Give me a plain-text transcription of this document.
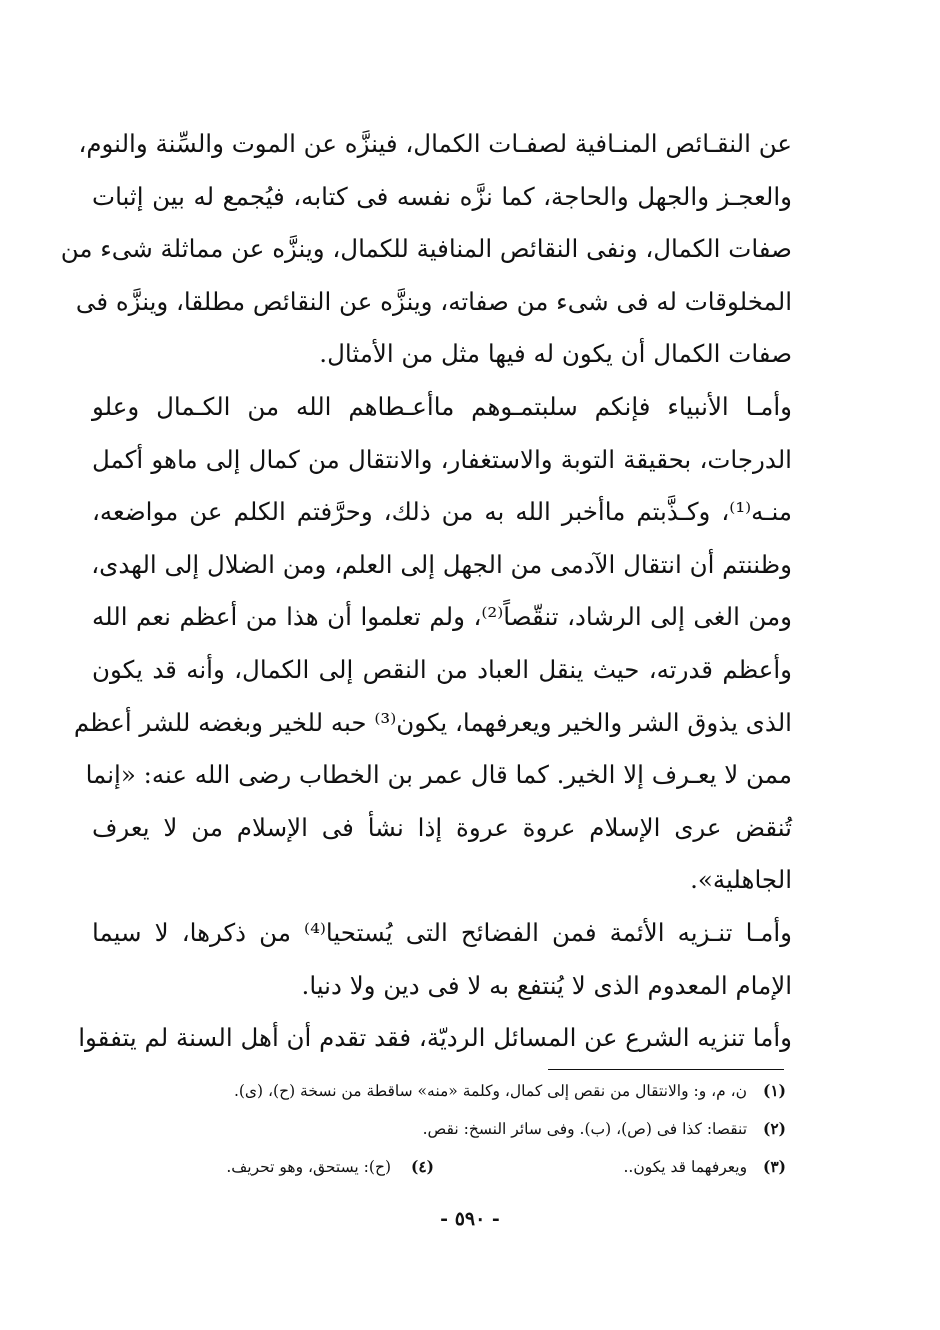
عن النقـائص المنـافية لصفـات الكمال، فينزَّه عن الموت والسِّنة والنوم،
والعجـز والجهل والحاجة، كما نزَّه نفسه فى كتابه، فيُجمع له بين إثبات
صفات الكمال، ونفى النقائص المنافية للكمال، وينزَّه عن مماثلة شىء من
المخلوقات له فى شىء من صفاته، وينزَّه عن النقائص مطلقا، وينزَّه فى
صفات الكمال أن يكون له فيها مثل من الأمثال.
وأمـا الأنبياء فإنكم سلبتمـوهم ماأعـطاهم الله من الكـمال وعلو
الدرجات، بحقيقة التوبة والاستغفار، والانتقال من كمال إلى ماهو أكمل
منـه⁽¹⁾، وكـذَّبتم ماأخبر الله به من ذلك، وحرَّفتم الكلم عن مواضعه،
وظننتم أن انتقال الآدمى من الجهل إلى العلم، ومن الضلال إلى الهدى،
ومن الغى إلى الرشاد، تنقّصاً⁽²⁾، ولم تعلموا أن هذا من أعظم نعم الله
وأعظم قدرته، حيث ينقل العباد من النقص إلى الكمال، وأنه قد يكون
الذى يذوق الشر والخير ويعرفهما، يكون⁽³⁾ حبه للخير وبغضه للشر أعظم
ممن لا يعـرف إلا الخير. كما قال عمر بن الخطاب رضى الله عنه: «إنما
تُنقض عرى الإسلام عروة عروة إذا نشأ فى الإسلام من لا يعرف
الجاهلية».
وأمـا تنـزيه الأئمة فمن الفضائح التى يُستحيا⁽⁴⁾ من ذكرها، لا سيما
الإمام المعدوم الذى لا يُنتفع به لا فى دين ولا دنيا.
وأما تنزيه الشرع عن المسائل الرديّة، فقد تقدم أن أهل السنة لم يتفقوا
(١) ن، م، و: والانتقال من نقص إلى كمال، وكلمة «منه» ساقطة من نسخة (ح)، (ى).
(٢) تنقصا: كذا فى (ص)، (ب). وفى سائر النسخ: نقص.
(٣) ويعرفهما قد يكون..
(٤)
(ح): يستحق، وهو تحريف.
- ٥٩٠ -
